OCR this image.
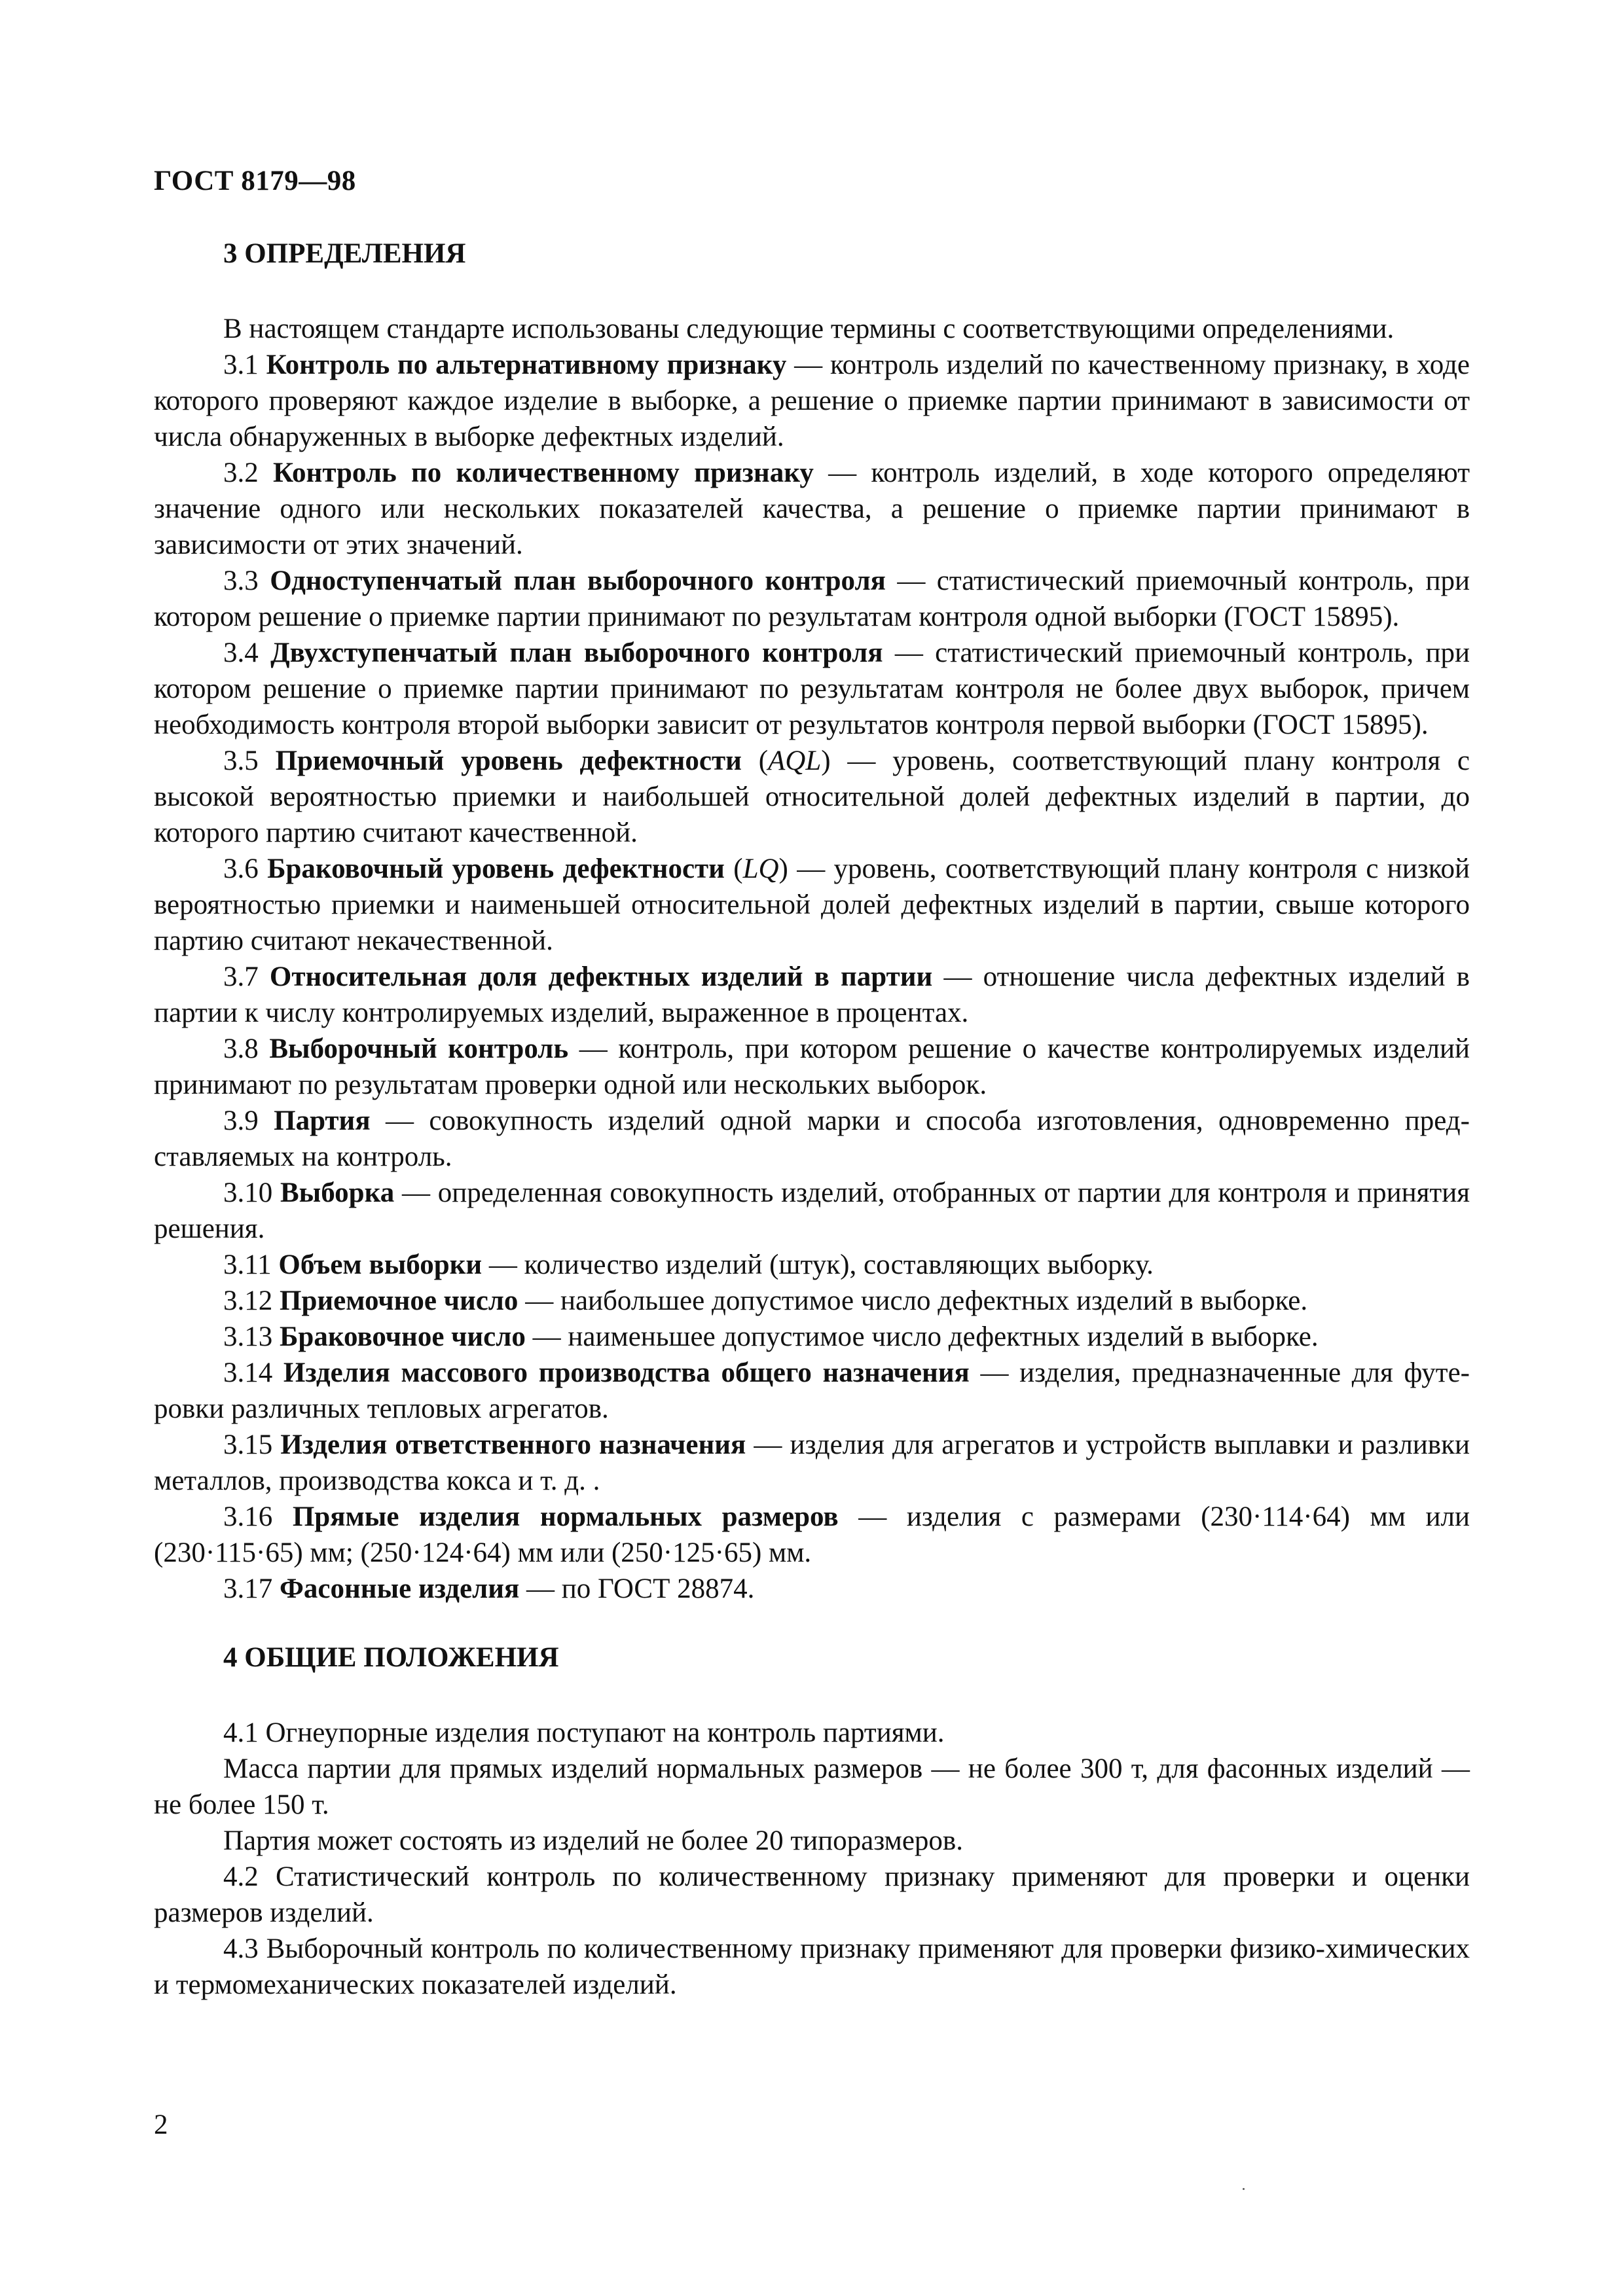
ГОСТ 8179—98
3 ОПРЕДЕЛЕНИЯ

В настоящем стандарте использованы следующие термины с соответствующими определениями.

3.1 Контроль по альтернативному признаку — контроль изделий по качественному признаку, в ходе которого проверяют каждое изделие в выборке, а решение о приемке партии принимают в зависимости от числа обнаруженных в выборке дефектных изделий.

3.2 Контроль по количественному признаку — контроль изделий, в ходе которого определяют значение одного или нескольких показателей качества, а решение о приемке партии принимают в зависимости от этих значений.

3.3 Одноступенчатый план выборочного контроля — статистический приемочный контроль, при котором решение о приемке партии принимают по результатам контроля одной выборки (ГОСТ 15895).

3.4 Двухступенчатый план выборочного контроля — статистический приемочный контроль, при котором решение о приемке партии принимают по результатам контроля не более двух выборок, причем необходимость контроля второй выборки зависит от результатов контроля первой выборки (ГОСТ 15895).

3.5 Приемочный уровень дефектности (AQL) — уровень, соответствующий плану контроля с высокой вероятностью приемки и наибольшей относительной долей дефектных изделий в партии, до которого партию считают качественной.

3.6 Браковочный уровень дефектности (LQ) — уровень, соответствующий плану контроля с низкой вероятностью приемки и наименьшей относительной долей дефектных изделий в партии, свыше которого партию считают некачественной.

3.7 Относительная доля дефектных изделий в партии — отношение числа дефектных изделий в партии к числу контролируемых изделий, выраженное в процентах.

3.8 Выборочный контроль — контроль, при котором решение о качестве контролируемых изделий принимают по результатам проверки одной или нескольких выборок.

3.9 Партия — совокупность изделий одной марки и способа изготовления, одновременно представляемых на контроль.

3.10 Выборка — определенная совокупность изделий, отобранных от партии для контроля и принятия решения.

3.11 Объем выборки — количество изделий (штук), составляющих выборку.

3.12 Приемочное число — наибольшее допустимое число дефектных изделий в выборке.

3.13 Браковочное число — наименьшее допустимое число дефектных изделий в выборке.

3.14 Изделия массового производства общего назначения — изделия, предназначенные для футеровки различных тепловых агрегатов.

3.15 Изделия ответственного назначения — изделия для агрегатов и устройств выплавки и разливки металлов, производства кокса и т. д. .

3.16 Прямые изделия нормальных размеров — изделия с размерами (230·114·64) мм или (230·115·65) мм; (250·124·64) мм или (250·125·65) мм.

3.17 Фасонные изделия — по ГОСТ 28874.

4 ОБЩИЕ ПОЛОЖЕНИЯ

4.1 Огнеупорные изделия поступают на контроль партиями.

Масса партии для прямых изделий нормальных размеров — не более 300 т, для фасонных изделий — не более 150 т.

Партия может состоять из изделий не более 20 типоразмеров.

4.2 Статистический контроль по количественному признаку применяют для проверки и оценки размеров изделий.

4.3 Выборочный контроль по количественному признаку применяют для проверки физико-химических и термомеханических показателей изделий.

2
